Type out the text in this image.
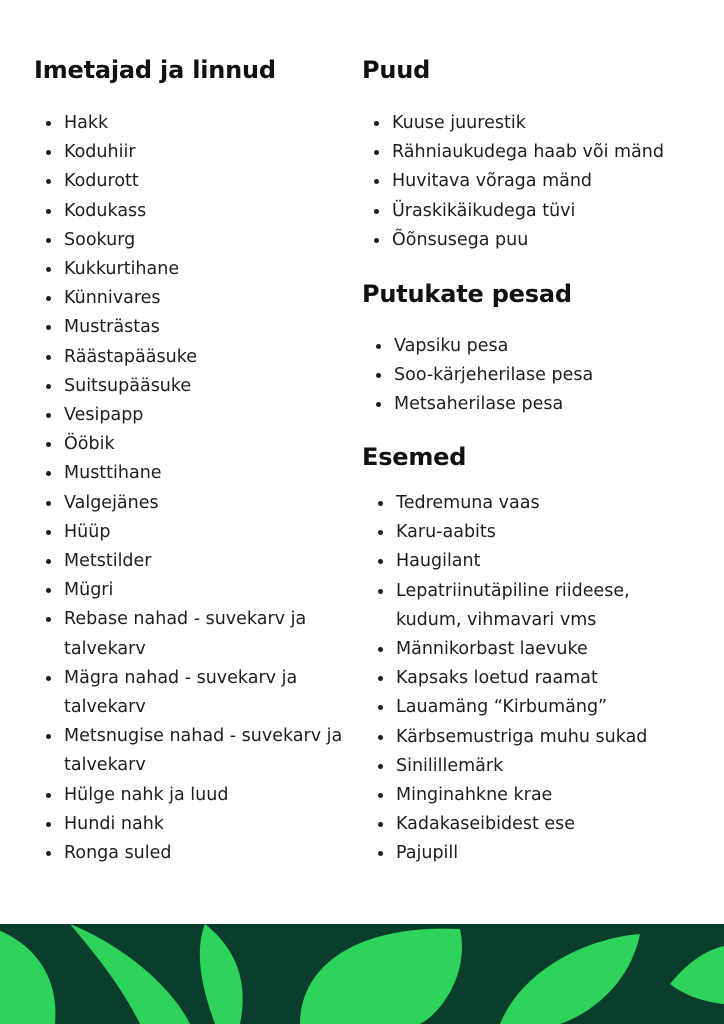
Imetajad ja linnud
Hakk
Koduhiir
Kodurott
Kodukass
Sookurg
Kukkurtihane
Künnivares
Musträstas
Räästapääsuke
Suitsupääsuke
Vesipapp
Ööbik
Musttihane
Valgejänes
Hüüp
Metstilder
Mügri
Rebase nahad - suvekarv ja talvekarv
Mägra nahad - suvekarv ja talvekarv
Metsnugise nahad - suvekarv ja talvekarv
Hülge nahk ja luud
Hundi nahk
Ronga suled
Puud
Kuuse juurestik
Rähniaukudega haab või mänd
Huvitava võraga mänd
Üraskikäikudega tüvi
Õõnsusega puu
Putukate pesad
Vapsiku pesa
Soo-kärjeherilase pesa
Metsaherilase pesa
Esemed
Tedremuna vaas
Karu-aabits
Haugilant
Lepatriinutäpiline riideese, kudum, vihmavari vms
Männikorbast laevuke
Kapsaks loetud raamat
Lauamäng “Kirbumäng”
Kärbsemustriga muhu sukad
Sinilillemärk
Minginahkne krae
Kadakaseibidest ese
Pajupill
